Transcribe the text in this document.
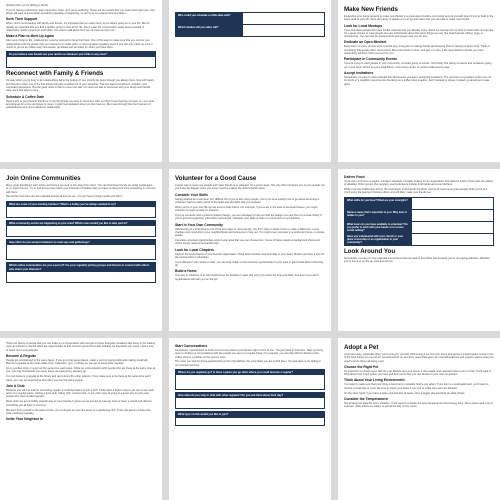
forward when you’re talking to family.

If you’re having a hard time, then praise first. Open up if you’re suffering. These are the people that you need most right now. Your family will want to know when something upsetting is happening, so don’t put on a happy face and hide it.

Seek Their Support

When you’re reconnecting with family and friends, it’s important that you catch them up on what’s going on in your life. But it’s equally as important that you find a healthy group to lean on for life. Don’t make the conversation solely about yourself. A relationship needs support on both sides. You want to talk about how you can lean on them too.

Make a Plan to Meet Up Again

Like many things in life, relationships must be nurtured to be at their best. One of the ways to make sure that you nurture your relationships with the people that you treasure is to make plans to meet up again regularly. Even if you can only catch up once a month or go out for coffee every few weeks, go ahead and set dates for when you’ll see them.

Do you believe new friends are your anchor to whatever you’d like in any case?
Reconnect with Family & Friends

It’s easy when you’re busy to let relationships fall to the bottom of your priority list. Even though you always have, time with family and friends is often one of the first things that gets crowded out of your schedule. This can lead to loneliness, isolation, and eventually depression. But the good news is that it’s never too late. It’s never too late to reconnect with your family and friends. Here are a few ways to do it.

Schedule A Coffee Date

Send a text to your favorite friends or to the friend that you want to reconnect with. Let them know that they’ve been on your mind and arrange for a time and place to meet. It might feel awkward when you first meet up. But move through the brief moment of awkwardness and you’re ahead on relationship.

Who could you schedule a coffee date with?	
Which relative will you video call?	
Make New Friends

Expanding your social network to make new friends is a great way to build a community around yourself. Even if you’re back in the same area of your life, there are plenty of places you can go and steps that you can take to make new friends.

Look for Local Meetups

If you find other people who have similar interests that you already enjoy, check out meetup.com or look for local clubs and groups. It’s a great chance to meet people who are enthusiastic about the same things you are, like board games, hiking, yoga, or volunteering. You can look for social events and groups near you for free.

Dedicate an Open Mindset

Everyone is in every person to be a social type. A big part of making friends and keeping them is having an open mind. Think of something that people often recommend, like a new book or show, and give it a shot. If the topic doesn’t interest you, then respectfully tell them that it just isn’t for you.

Participate in Community Events

If you’re trying to meet people in your community, consider going to events. You’ll likely find plenty of events and occasions going on in your area. Check out your local library, community center, or social media events page.

Accept Invitations

Sometimes, it’s easy to miss potential friends because you aren’t accepting invitations. The next time a co-worker invites you out for lunch or a neighbor recommends checking out a coffee shop together, don’t hesitate or refuse. Instead, go ahead and make plans.

Join Online Communities

Many great friendships start online and there’s no need to shy away from them. You can find those friends on social media apps, or on online forums. Try to find groups that match your interests or hobbies that you have so that you’ll have something in common with them.

Remember that there are two potential friends all around you. You just have to begin looking for them!

What are some of your existing hobbies? What’s a hobby you’ve always wanted to try?
What community events are happening in your area? Which ones would you like to take part in?
How often do you accept invitations to meet ups and gatherings?
Which online communities are you a part of? Are your regularly joining groups and forums to connect with others who share your interests?
Volunteer for a Good Cause

A great way to meet new people and make friends is to volunteer for a good cause. Not only will it introduce you to new people, but you’ll also be happier since you know you’ll be making the world a better place.

Consider Your Skills

Getting started as a volunteer isn’t difficult. But if you’re like many people, you’re not sure exactly how to go about becoming a volunteer. Start by taking stock of the skills and strengths that you possess.

When you’re in your own life can be used to help others. For example, if you excel in the area of personal finance, you might volunteer to teach a class on finances.

If you’re someone who’s great at graphic design, you can volunteer to help out with the design of a new flyer for a local charity. If you’re good at organizing information and people, volunteer your skills to help run a food drive or a fundraiser.

Start in Your Own Community

Volunteering in a local area is one of the best ways to meet people. You don’t have to leave home to make a difference. Local charities and nonprofits in your neighborhood need someone to help out. You might even volunteer in a retirement home or animal shelter.

Countless volunteer opportunities exist in your area that you can choose from. Some of these require a background check and others simply need some friendly help.

Look for Local Chapters

Support the local chapter of your favorite organization. Think about causes near and dear to your heart. Maybe you have a love for the environment or education.

If you still aren’t sure where to start, you can look online to find volunteer opportunities in your area or ask friends about what they do.

Build a Home

One way to volunteer is to help build homes for families in need. But only if you have the time and skills. And even if you don’t, organizations will train you on the job.

Deliver Food

If you can’t commit to a regular volunteer schedule, consider looking for an organization that delivers food to those who are elderly or disabled. Other groups that regularly need volunteers include food banks and soup kitchens.

While it can be challenging at first, the experience is well worth the effort, and you’ll meet some great people while you’re at it. You’ll enjoy the feeling of helping others and will likely make new friends too.

What skills do you have? What are your strengths?	
Name a cause that’s important to you. Why does it matter to you?	
What hours do you have available to volunteer? Do you prefer to work with your hands or in a more social setting?	
Have you volunteered with your church or your place of worship or an organization in your community?	
Look Around You

Sometimes, it’s easy to miss potential connections that can lead to friendship just because you’re not paying attention. Whether you’re home or on the go, look around you.

There are plenty of people that you can strike up a conversation with and get to know. Everyday situations like being in the waiting room at a doctor or dentist office are opportunities to find common ground and start building the friendship you crave. Here’s how to reach out in everyday life.

Become A Regular

People get accustomed to the same faces. If you go to the same places, make a point of saying hello and making small talk. Become a regular at the local coffee shop, bookstore, gym, or library so you get to know other regulars.

Go to a coffee shop or a gym at the same time each week. Strike up a conversation with people who are there at the same time as you. You may find friends you never knew you had just by showing up.

You can become a regular at the library and get to know the other patrons. If you make sure to be there at the same time each week, you may be surprised at how often you see the same people.

Join A Club

Because you want to look for something regular, it could be helpful to join a club. Clubs have a built-in way to get you to see each other on a regular basis. Joining a book club, hiking club, running club, or any other type of group is a great way to meet new people who have similar interests.

Book clubs are an incredibly popular way to meet people. It gives you an excuse to meet up once or twice a month and discuss something you all have in common.

But don’t limit yourself to the same circles. You could join an exercise group or a gardening club. There are plenty of clubs that have meetings regularly.

Invite Your Neighbor In
Start Conversations

Sometimes, opportunities to build a community around yourself are right in front of you. You just need to find them. Start by being open to striking up conversations with the people you see on a regular basis. For example, you can talk with the barista at the coffee shop or a cashier at the grocery store.

The more you look for these opportunities to form friendships, the more likely you are to find them. You just have to be willing to put yourself out there.

Where do you regularly go? Is there a place you go often where you could become a regular?
How often do you stop to chat with other regulars? Do you ask them about their day?
What type of club would you like to join?
Adopt a Pet

It can be lonely, especially when you’re living by yourself. Welcoming a pet into your home and giving it a loving place to live is one of the best things you can do for yourself and for an animal in need. Pets give you unconditional love and support. Here’s what you need to know about adopting a pet.

Choose the Right Pet

It’s important to choose a pet that fits your lifestyle and your home. A dog needs more attention than a cat or a fish. You’ll want to think about how much space you have and how much time you can devote to your new companion.

Think About Your Living Environment

You need to make sure that your living environment is suitable before you adopt. If you live in a small apartment, you’ll want to choose a small dog or a cat. Be sure to check your lease if you rent to make sure pets are allowed.

On the other hand, if you have a large yard and lots of space, then a bigger dog would be an ideal choice.

Consider the Temperament

Not all dogs are ideal for every situation. You’ll need to consider the pet’s temperament and energy level. Some dogs need a lot of exercise, while others are happy to spend the day on the couch.
